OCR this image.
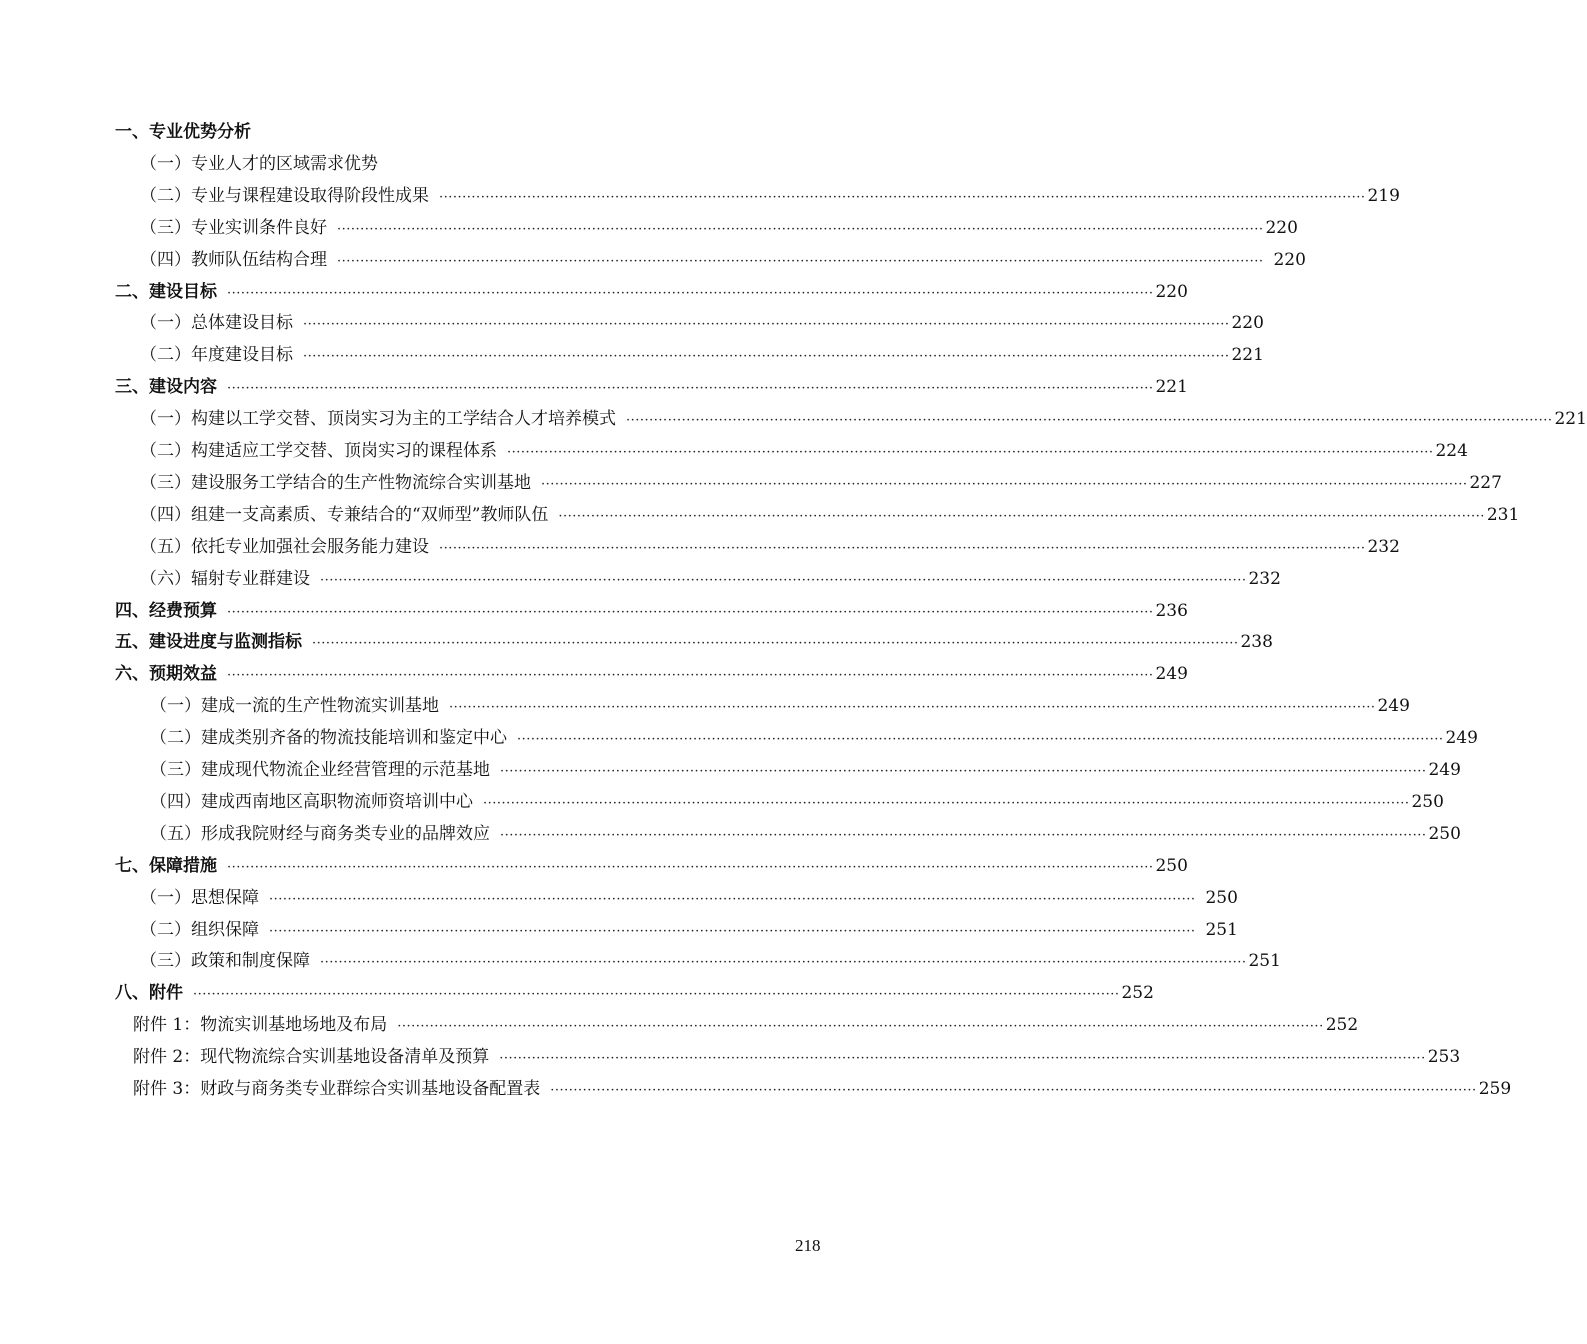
一、专业优势分析
（一）专业人才的区域需求优势
（二）专业与课程建设取得阶段性成果 ········································································································································································································ 219
（三）专业实训条件良好 ········································································································································································································ 220
（四）教师队伍结构合理 ········································································································································································································ 220
二、建设目标 ········································································································································································································ 220
（一）总体建设目标 ········································································································································································································ 220
（二）年度建设目标 ········································································································································································································ 221
三、建设内容 ········································································································································································································ 221
（一）构建以工学交替、顶岗实习为主的工学结合人才培养模式 ········································································································································································································ 221
（二）构建适应工学交替、顶岗实习的课程体系 ········································································································································································································ 224
（三）建设服务工学结合的生产性物流综合实训基地 ········································································································································································································ 227
（四）组建一支高素质、专兼结合的“双师型”教师队伍 ········································································································································································································ 231
（五）依托专业加强社会服务能力建设 ········································································································································································································ 232
（六）辐射专业群建设 ········································································································································································································ 232
四、经费预算 ········································································································································································································ 236
五、建设进度与监测指标 ········································································································································································································ 238
六、预期效益 ········································································································································································································ 249
（一）建成一流的生产性物流实训基地 ········································································································································································································ 249
（二）建成类别齐备的物流技能培训和鉴定中心 ········································································································································································································ 249
（三）建成现代物流企业经营管理的示范基地 ········································································································································································································ 249
（四）建成西南地区高职物流师资培训中心 ········································································································································································································ 250
（五）形成我院财经与商务类专业的品牌效应 ········································································································································································································ 250
七、保障措施 ········································································································································································································ 250
（一）思想保障 ········································································································································································································ 250
（二）组织保障 ········································································································································································································ 251
（三）政策和制度保障 ········································································································································································································ 251
八、附件 ········································································································································································································ 252
附件 1：物流实训基地场地及布局 ········································································································································································································ 252
附件 2：现代物流综合实训基地设备清单及预算 ········································································································································································································ 253
附件 3：财政与商务类专业群综合实训基地设备配置表 ········································································································································································································ 259
218
